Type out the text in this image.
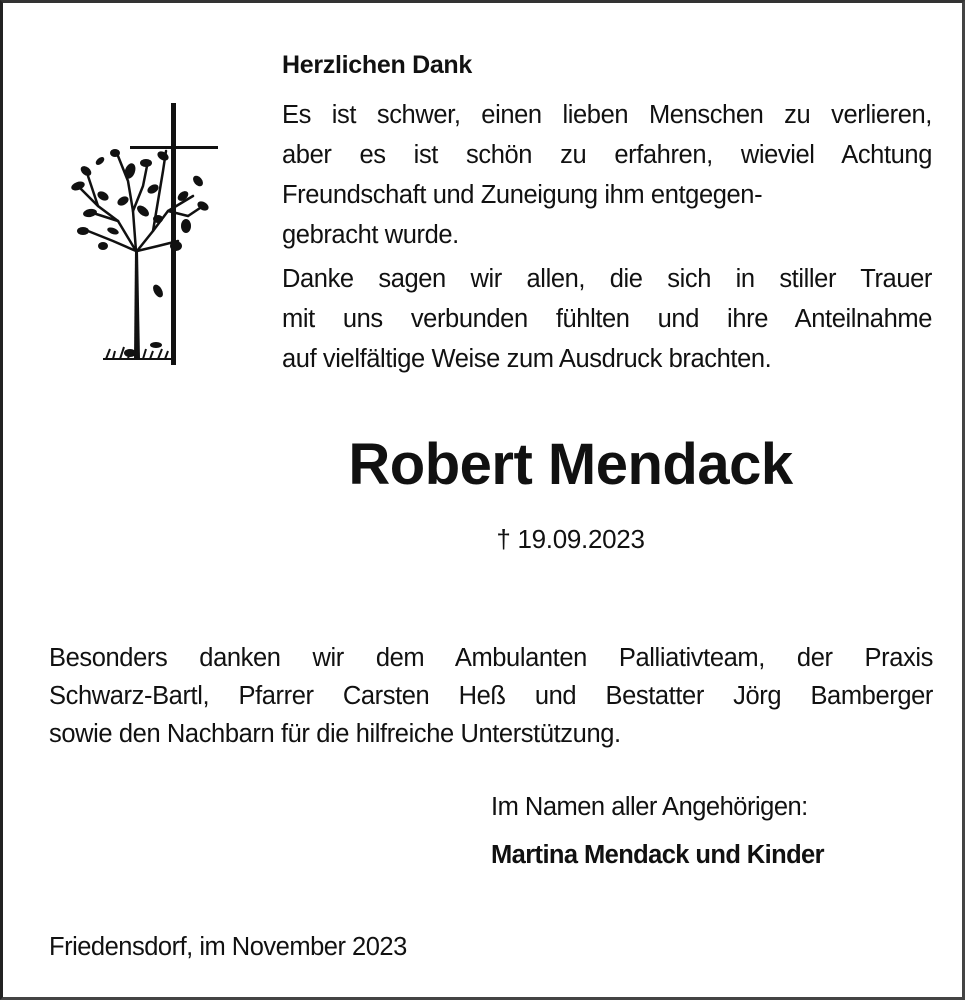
Herzlichen Dank
Es ist schwer, einen lieben Menschen zu verlieren,
aber es ist schön zu erfahren, wieviel Achtung
Freundschaft und Zuneigung ihm entgegen-
gebracht wurde.
Danke sagen wir allen, die sich in stiller Trauer
mit uns verbunden fühlten und ihre Anteilnahme
auf vielfältige Weise zum Ausdruck brachten.
Robert Mendack
† 19.09.2023
Besonders danken wir dem Ambulanten Palliativteam, der Praxis
Schwarz-Bartl, Pfarrer Carsten Heß und Bestatter Jörg Bamberger
sowie den Nachbarn für die hilfreiche Unterstützung.
Im Namen aller Angehörigen:
Martina Mendack und Kinder
Friedensdorf, im November 2023
